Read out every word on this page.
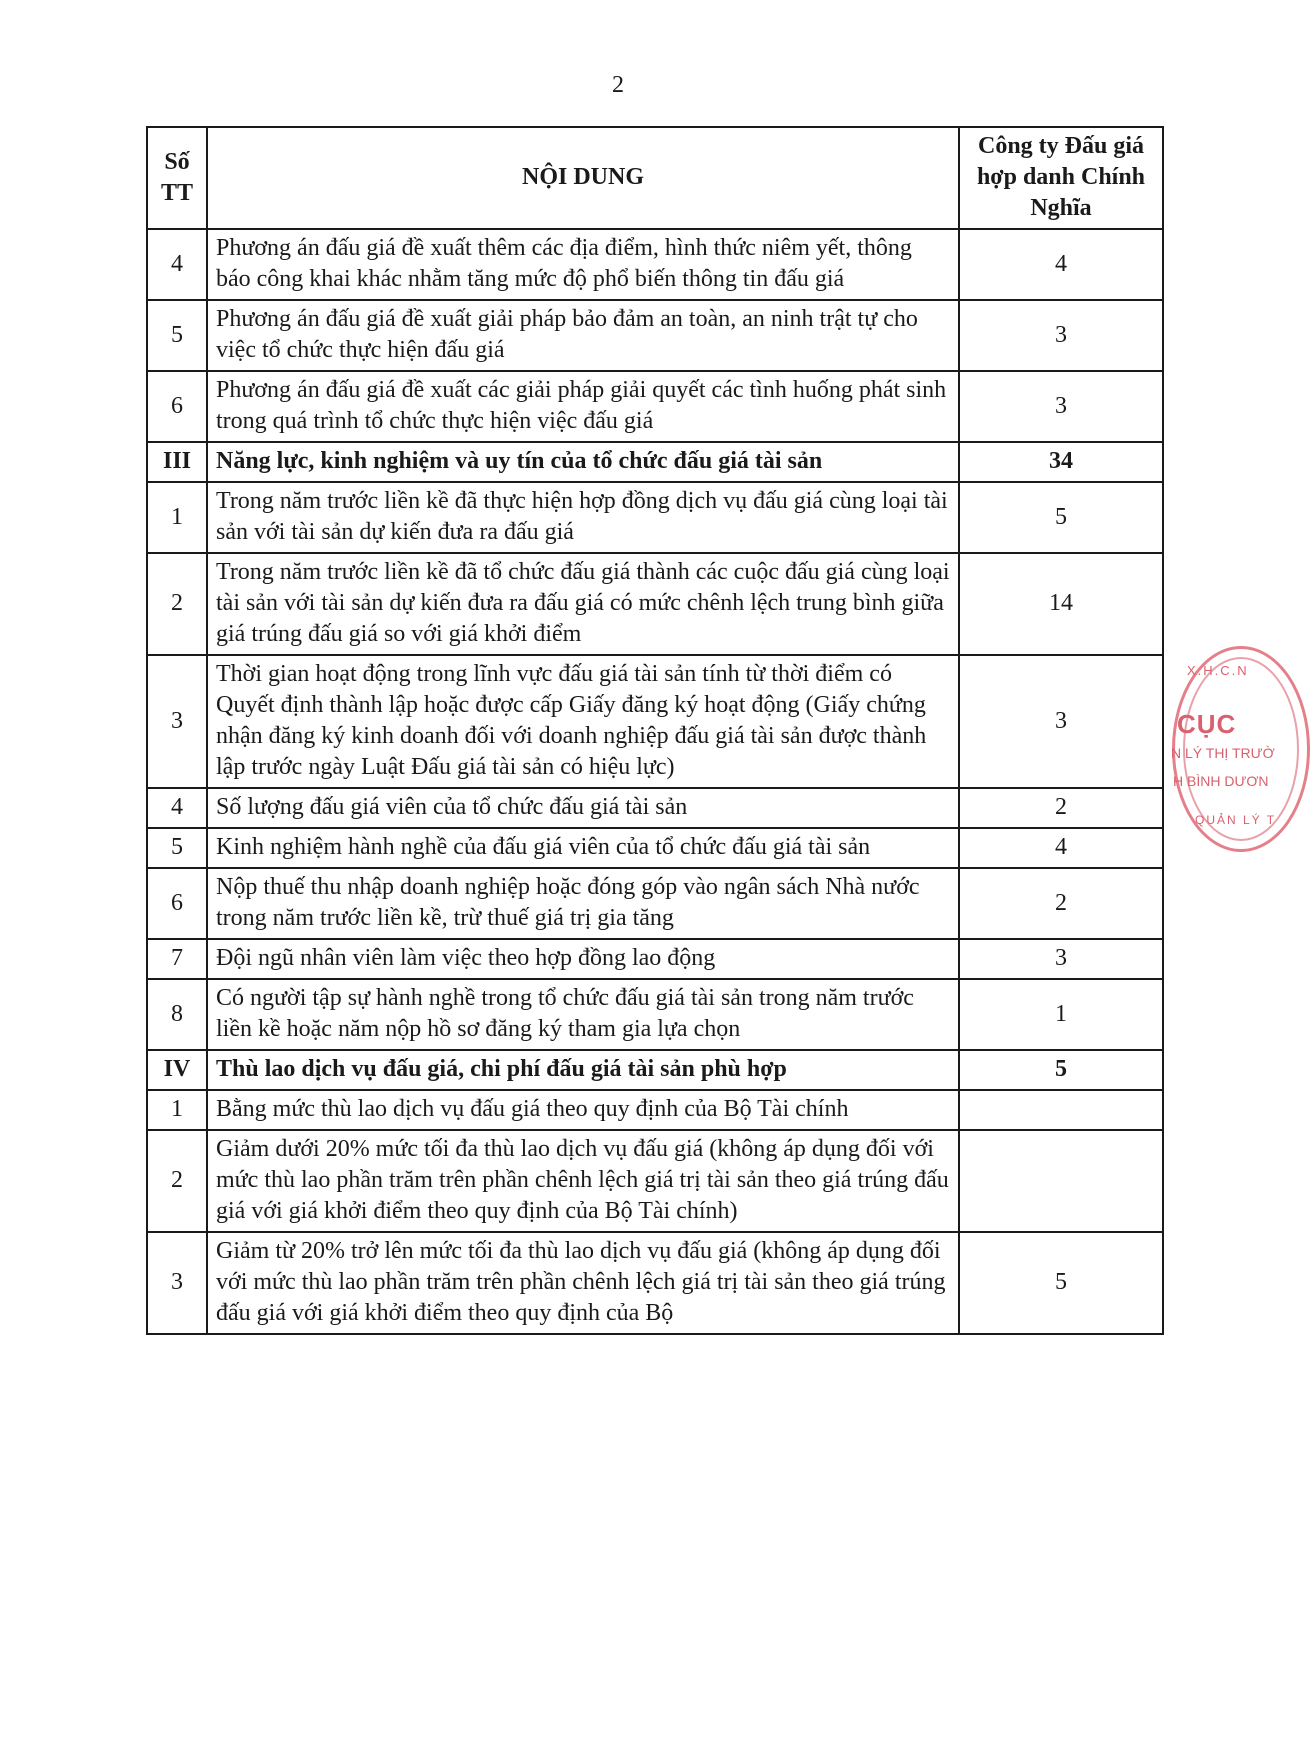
2
Số TT	NỘI DUNG	Công ty Đấu giá hợp danh Chính Nghĩa
4	Phương án đấu giá đề xuất thêm các địa điểm, hình thức niêm yết, thông báo công khai khác nhằm tăng mức độ phổ biến thông tin đấu giá	4
5	Phương án đấu giá đề xuất giải pháp bảo đảm an toàn, an ninh trật tự cho việc tổ chức thực hiện đấu giá	3
6	Phương án đấu giá đề xuất các giải pháp giải quyết các tình huống phát sinh trong quá trình tổ chức thực hiện việc đấu giá	3
III	Năng lực, kinh nghiệm và uy tín của tổ chức đấu giá tài sản	34
1	Trong năm trước liền kề đã thực hiện hợp đồng dịch vụ đấu giá cùng loại tài sản với tài sản dự kiến đưa ra đấu giá	5
2	Trong năm trước liền kề đã tổ chức đấu giá thành các cuộc đấu giá cùng loại tài sản với tài sản dự kiến đưa ra đấu giá có mức chênh lệch trung bình giữa giá trúng đấu giá so với giá khởi điểm	14
3	Thời gian hoạt động trong lĩnh vực đấu giá tài sản tính từ thời điểm có Quyết định thành lập hoặc được cấp Giấy đăng ký hoạt động (Giấy chứng nhận đăng ký kinh doanh đối với doanh nghiệp đấu giá tài sản được thành lập trước ngày Luật Đấu giá tài sản có hiệu lực)	3
4	Số lượng đấu giá viên của tổ chức đấu giá tài sản	2
5	Kinh nghiệm hành nghề của đấu giá viên của tổ chức đấu giá tài sản	4
6	Nộp thuế thu nhập doanh nghiệp hoặc đóng góp vào ngân sách Nhà nước trong năm trước liền kề, trừ thuế giá trị gia tăng	2
7	Đội ngũ nhân viên làm việc theo hợp đồng lao động	3
8	Có người tập sự hành nghề trong tổ chức đấu giá tài sản trong năm trước liền kề hoặc năm nộp hồ sơ đăng ký tham gia lựa chọn	1
IV	Thù lao dịch vụ đấu giá, chi phí đấu giá tài sản phù hợp	5
1	Bằng mức thù lao dịch vụ đấu giá theo quy định của Bộ Tài chính	
2	Giảm dưới 20% mức tối đa thù lao dịch vụ đấu giá (không áp dụng đối với mức thù lao phần trăm trên phần chênh lệch giá trị tài sản theo giá trúng đấu giá với giá khởi điểm theo quy định của Bộ Tài chính)	
3	Giảm từ 20% trở lên mức tối đa thù lao dịch vụ đấu giá (không áp dụng đối với mức thù lao phần trăm trên phần chênh lệch giá trị tài sản theo giá trúng đấu giá với giá khởi điểm theo quy định của Bộ	5
X.H.C.N
CỤC
N LÝ THỊ TRƯỜ
H BÌNH DƯƠN
QUẢN LÝ T
